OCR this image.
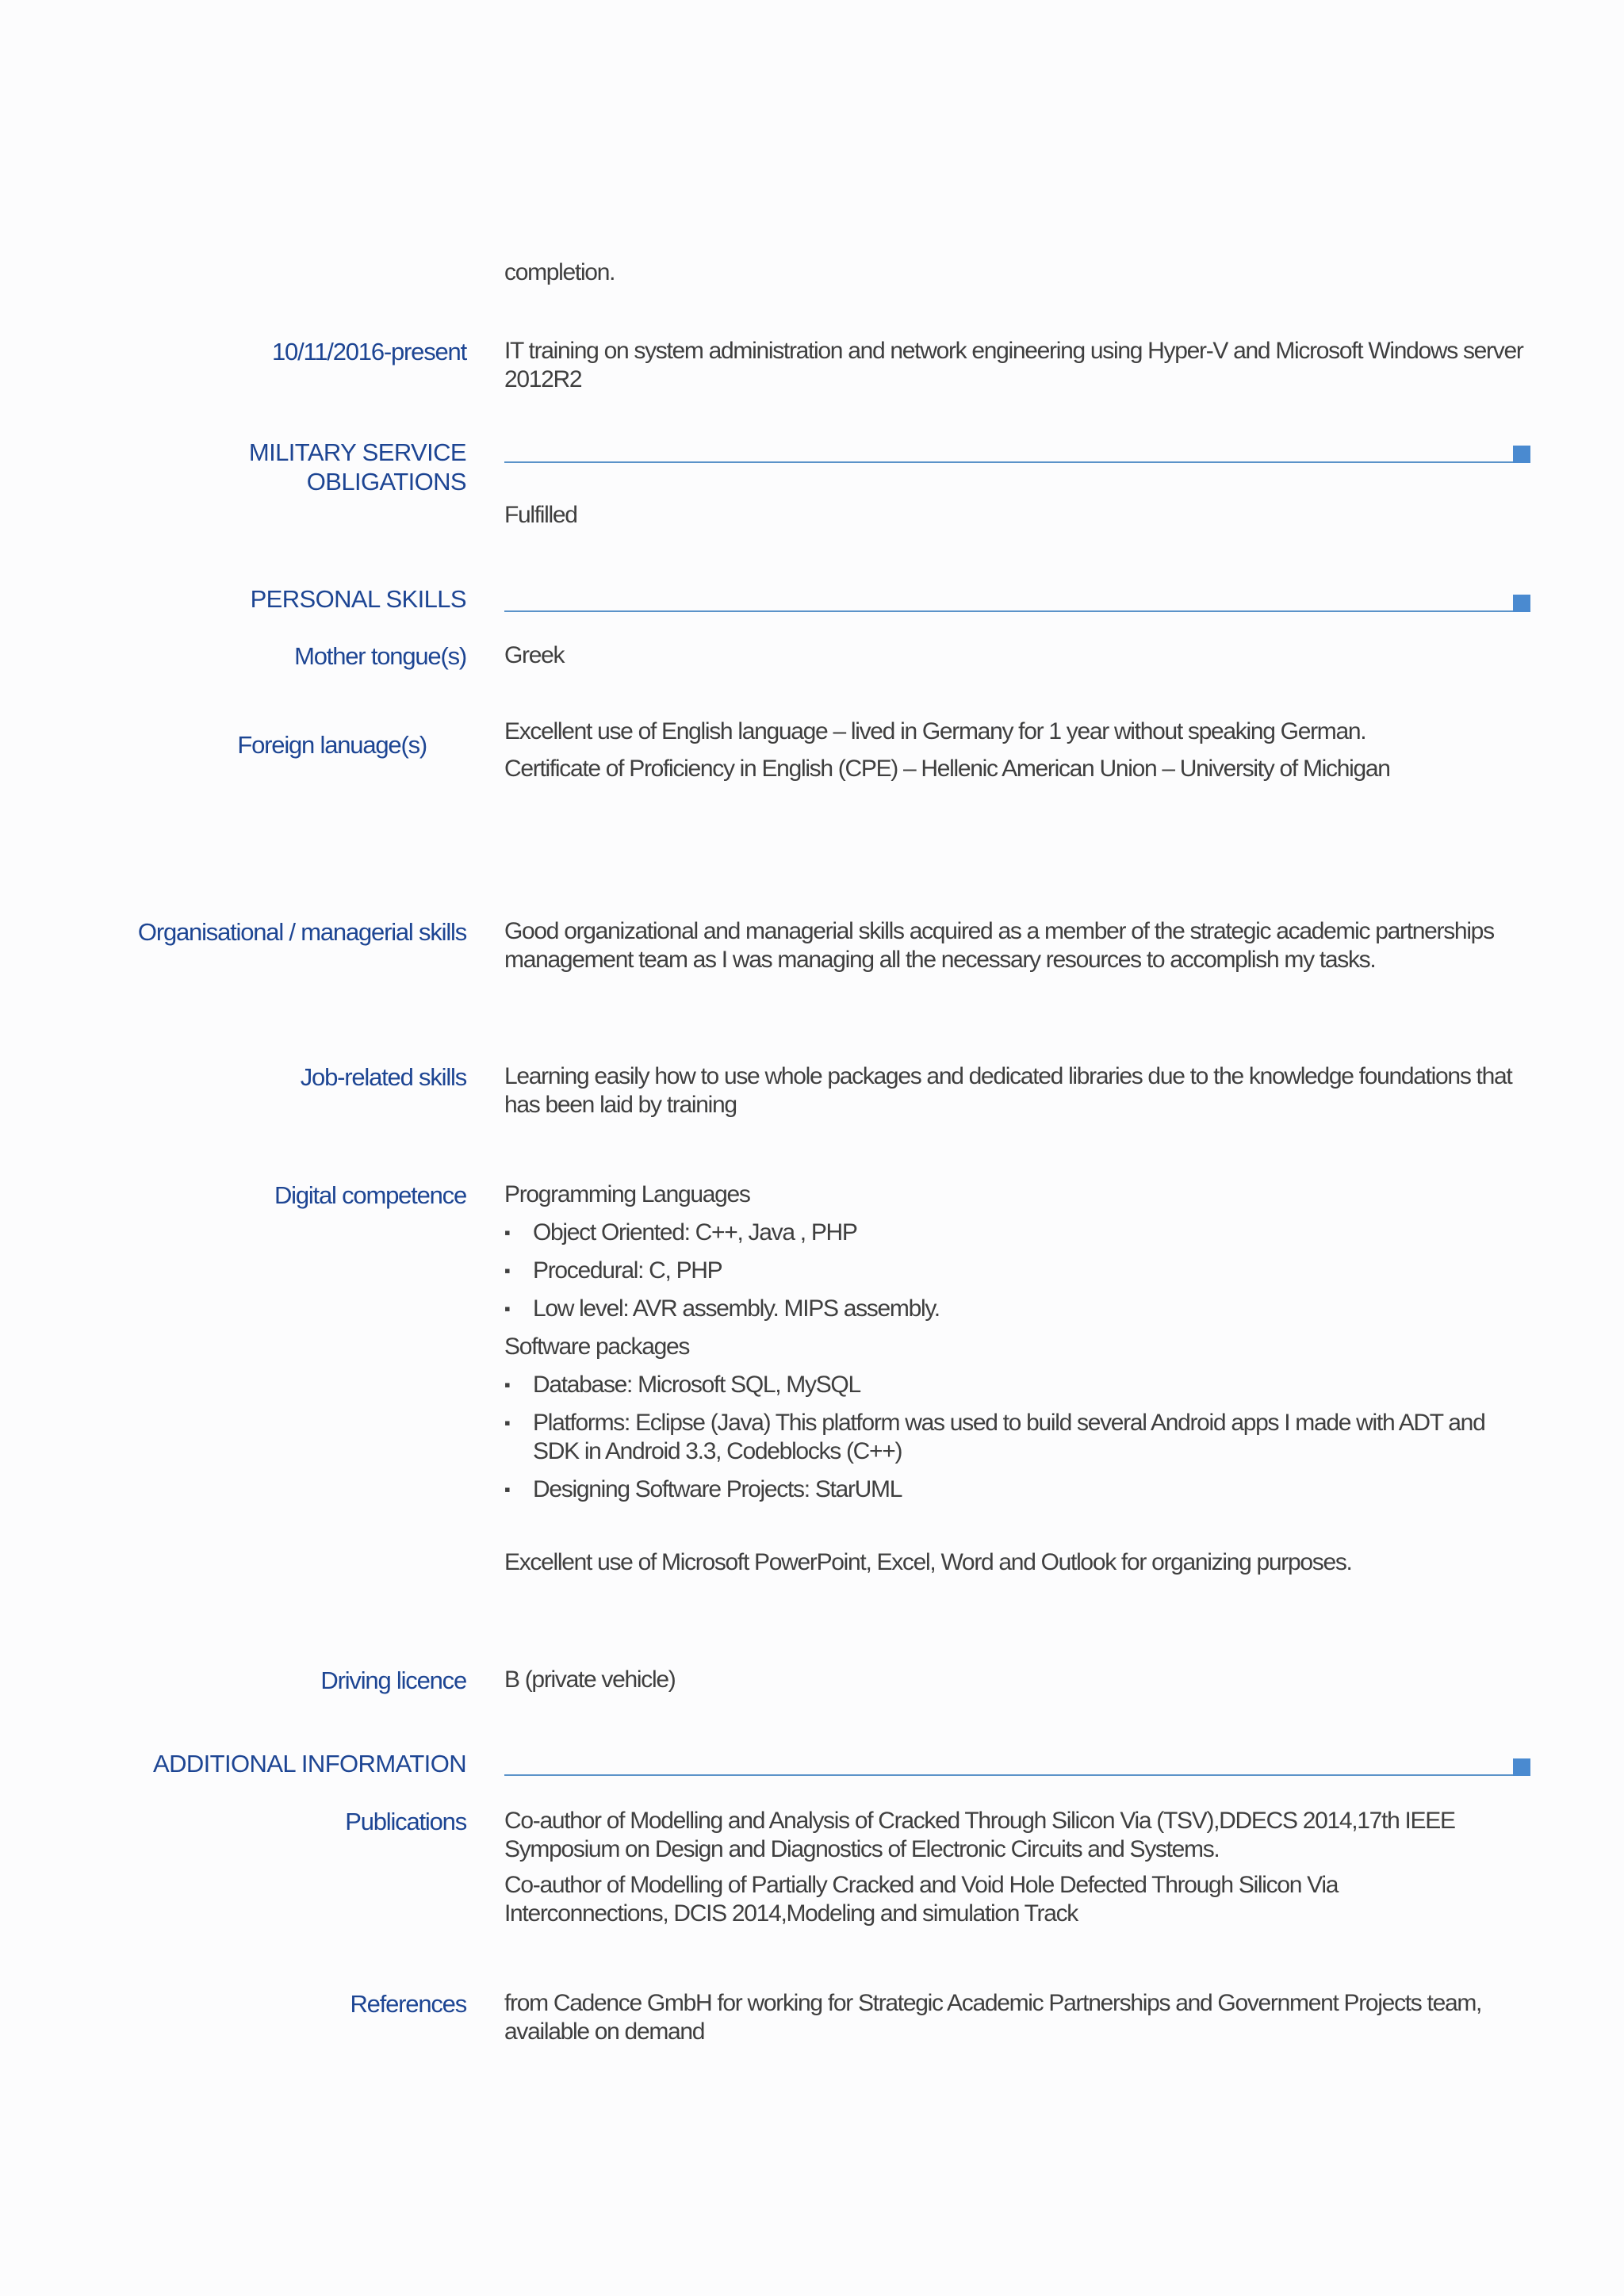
completion.
10/11/2016-present IT training on system administration and network engineering using Hyper-V and Microsoft Windows server 2012R2
MILITARY SERVICE
OBLIGATIONS
Fulfilled
PERSONAL SKILLS
Mother tongue(s) Greek
Foreign lanuage(s)	Excellent use of English language – lived in Germany for 1 year without speaking German.
Certificate of Proficiency in English (CPE) – Hellenic American Union – University of Michigan
Organisational / managerial skills Good organizational and managerial skills acquired as a member of the strategic academic partnerships management team as I was managing all the necessary resources to accomplish my tasks.
Job-related skills Learning easily how to use whole packages and dedicated libraries due to the knowledge foundations that has been laid by training
Digital competence Programming Languages
▪ Object Oriented: C++, Java , PHP
▪ Procedural: C, PHP
▪ Low level: AVR assembly. MIPS assembly.
Software packages
▪ Database: Microsoft SQL, MySQL
▪ Platforms: Eclipse (Java) This platform was used to build several Android apps I made with ADT and SDK in Android 3.3, Codeblocks (C++)
▪ Designing Software Projects: StarUML
Excellent use of Microsoft PowerPoint, Excel, Word and Outlook for organizing purposes.
Driving licence B (private vehicle)
ADDITIONAL INFORMATION
Publications Co-author of Modelling and Analysis of Cracked Through Silicon Via (TSV),DDECS 2014,17th IEEE Symposium on Design and Diagnostics of Electronic Circuits and Systems.
Co-author of Modelling of Partially Cracked and Void Hole Defected Through Silicon Via Interconnections, DCIS 2014,Modeling and simulation Track
References from Cadence GmbH for working for Strategic Academic Partnerships and Government Projects team, available on demand
